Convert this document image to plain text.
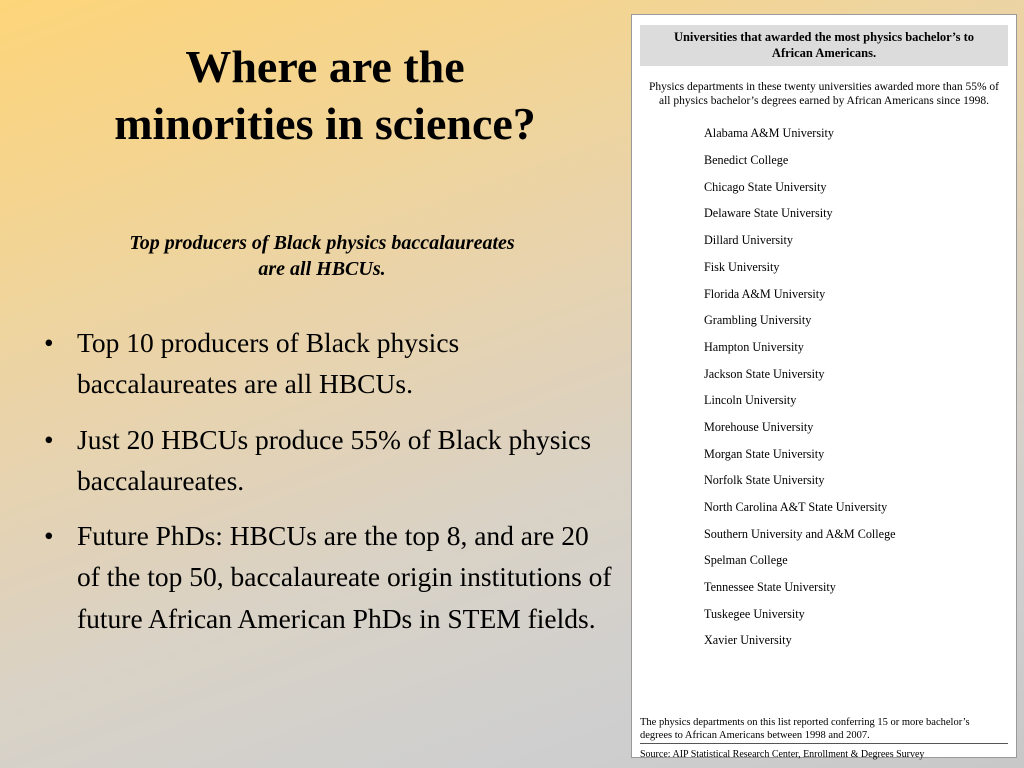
Where are the
minorities in science?

Top producers of Black physics baccalaureates
are all HBCUs.

• Top 10 producers of Black physics baccalaureates are all HBCUs.
• Just 20 HBCUs produce 55% of Black physics baccalaureates.
• Future PhDs: HBCUs are the top 8, and are 20 of the top 50, baccalaureate origin institutions of future African American PhDs in STEM fields.
Universities that awarded the most physics bachelor’s to
African Americans.

Physics departments in these twenty universities awarded more than 55% of all physics bachelor’s degrees earned by African Americans since 1998.

Alabama A&M University
Benedict College
Chicago State University
Delaware State University
Dillard University
Fisk University
Florida A&M University
Grambling University
Hampton University
Jackson State University
Lincoln University
Morehouse University
Morgan State University
Norfolk State University
North Carolina A&T State University
Southern University and A&M College
Spelman College
Tennessee State University
Tuskegee University
Xavier University

The physics departments on this list reported conferring 15 or more bachelor’s
degrees to African Americans between 1998 and 2007.

Source: AIP Statistical Research Center, Enrollment & Degrees Survey
